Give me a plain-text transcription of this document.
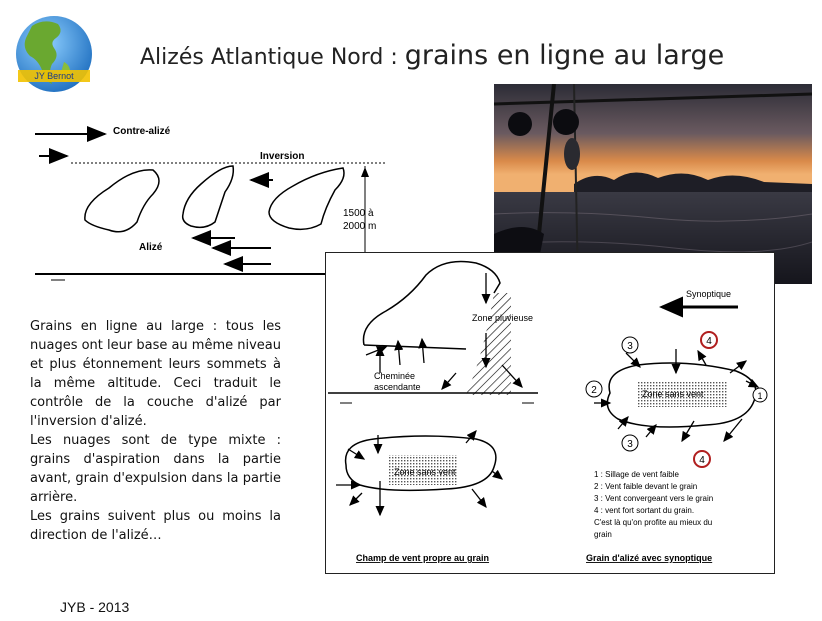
JY Bernot
Alizés Atlantique Nord : grains en ligne au large
Contre-alizé
Inversion
1500 à
2000 m
Alizé
Zone pluvieuse
Cheminée
ascendante
Zone sans vent
Synoptique
Zone sans vent
3	4
2	1
3
4
1 : Sillage de vent faible
2 : Vent faible devant le grain
3 : Vent convergeant vers le grain
4 : vent fort sortant du grain.
C'est là qu'on profite au mieux du
grain
Champ de vent propre au grain	Grain d'alizé avec synoptique

Grains en ligne au large : tous les nuages ont leur base au même niveau et plus étonnement leurs sommets à la même altitude. Ceci traduit le contrôle de la couche d'alizé par l'inversion d'alizé.

Les nuages sont de type mixte : grains d'aspiration dans la partie avant, grain d'expulsion dans la partie arrière.

Les grains suivent plus ou moins la direction de l'alizé…

JYB - 2013
